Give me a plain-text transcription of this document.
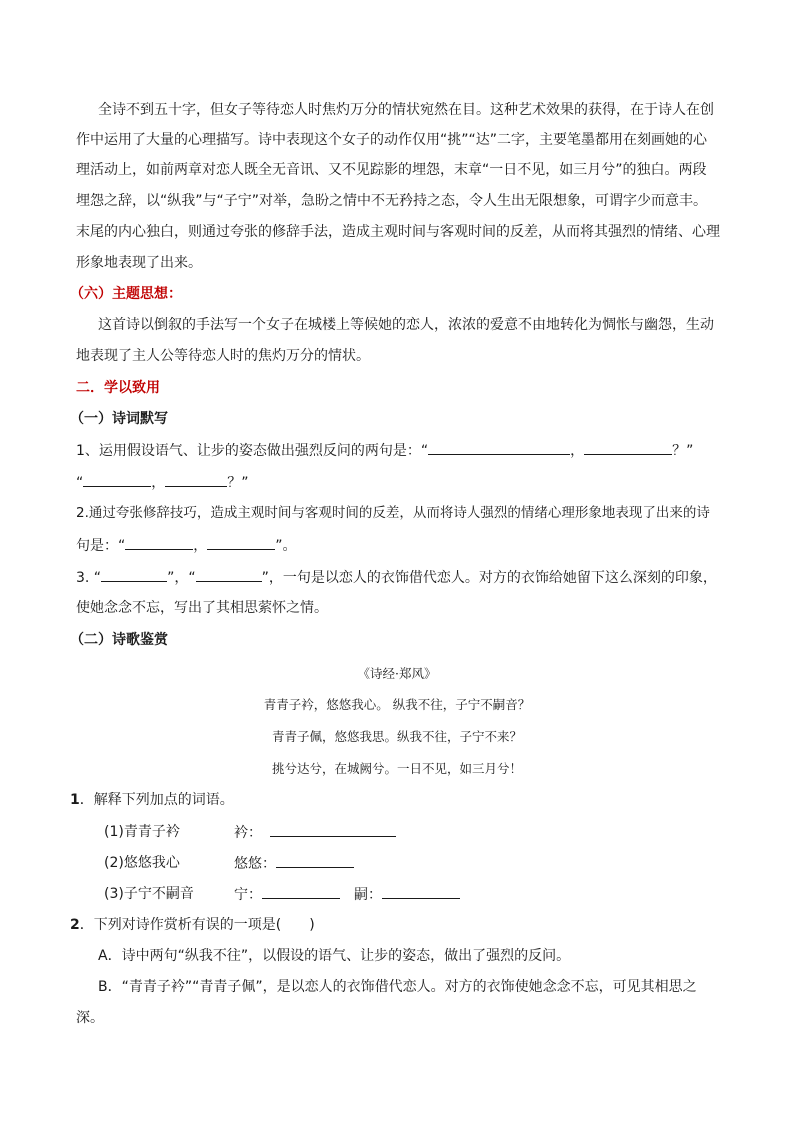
全诗不到五十字，但女子等待恋人时焦灼万分的情状宛然在目。这种艺术效果的获得，在于诗人在创
作中运用了大量的心理描写。诗中表现这个女子的动作仅用“挑”“达”二字，主要笔墨都用在刻画她的心
理活动上，如前两章对恋人既全无音讯、又不见踪影的埋怨，末章“一日不见，如三月兮”的独白。两段
埋怨之辞，以“纵我”与“子宁”对举，急盼之情中不无矜持之态，令人生出无限想象，可谓字少而意丰。
末尾的内心独白，则通过夸张的修辞手法，造成主观时间与客观时间的反差，从而将其强烈的情绪、心理
形象地表现了出来。
（六）主题思想：
这首诗以倒叙的手法写一个女子在城楼上等候她的恋人，浓浓的爱意不由地转化为惆怅与幽怨，生动
地表现了主人公等待恋人时的焦灼万分的情状。
二．学以致用
（一）诗词默写
1、运用假设语气、让步的姿态做出强烈反问的两句是：“	，	？”
“	，	？”
2.通过夸张修辞技巧，造成主观时间与客观时间的反差，从而将诗人强烈的情绪心理形象地表现了出来的诗
句是：“	，	”。
3. “	”，“	”，一句是以恋人的衣饰借代恋人。对方的衣饰给她留下这么深刻的印象，
使她念念不忘，写出了其相思萦怀之情。
（二）诗歌鉴赏
《诗经·郑风》
青青子衿，悠悠我心。 纵我不往，子宁不嗣音？
青青子佩，悠悠我思。纵我不往，子宁不来？
挑兮达兮，在城阙兮。一日不见，如三月兮！
1．解释下列加点的词语。
(1)青青子衿	衿：
(2)悠悠我心	悠悠：
(3)子宁不嗣音	宁：	嗣：
2．下列对诗作赏析有误的一项是(　　)
A．诗中两句“纵我不往”，以假设的语气、让步的姿态，做出了强烈的反问。
B．“青青子衿”“青青子佩”，是以恋人的衣饰借代恋人。对方的衣饰使她念念不忘，可见其相思之
深。
